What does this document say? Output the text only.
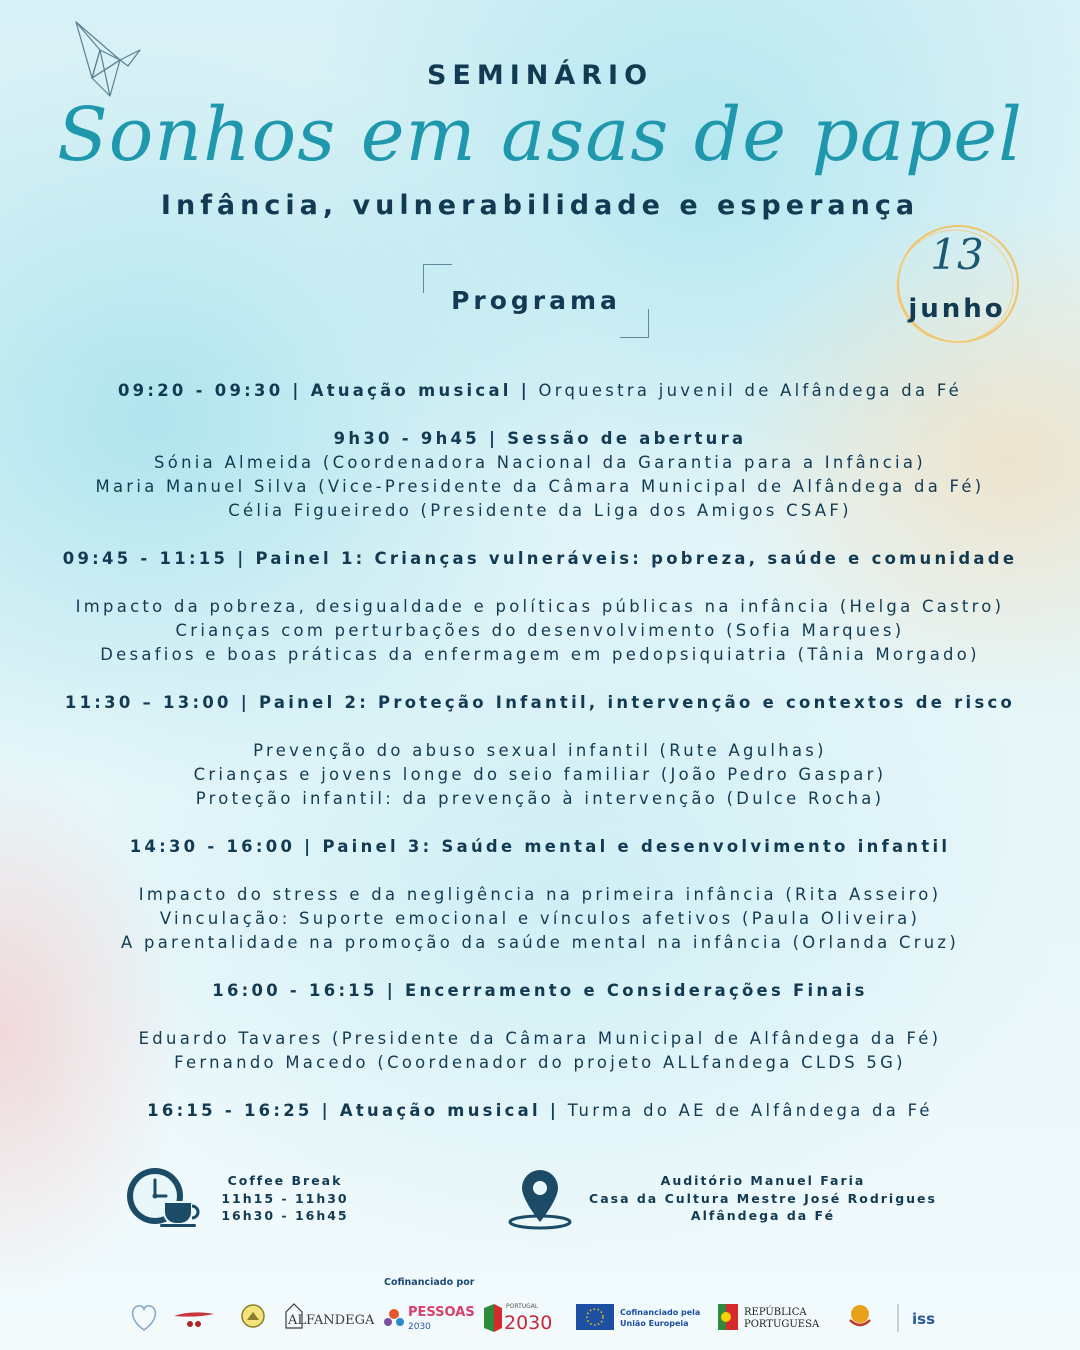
SEMINÁRIO
Sonhos em asas de papel
Infância, vulnerabilidade e esperança
Programa
13
junho
09:20 - 09:30 | Atuação musical | Orquestra juvenil de Alfândega da Fé
9h30 - 9h45 | Sessão de abertura
Sónia Almeida (Coordenadora Nacional da Garantia para a Infância)
Maria Manuel Silva (Vice-Presidente da Câmara Municipal de Alfândega da Fé)
Célia Figueiredo (Presidente da Liga dos Amigos CSAF)
09:45 - 11:15 | Painel 1: Crianças vulneráveis: pobreza, saúde e comunidade
Impacto da pobreza, desigualdade e políticas públicas na infância (Helga Castro)
Crianças com perturbações do desenvolvimento (Sofia Marques)
Desafios e boas práticas da enfermagem em pedopsiquiatria (Tânia Morgado)
11:30 – 13:00 | Painel 2: Proteção Infantil, intervenção e contextos de risco
Prevenção do abuso sexual infantil (Rute Agulhas)
Crianças e jovens longe do seio familiar (João Pedro Gaspar)
Proteção infantil: da prevenção à intervenção (Dulce Rocha)
14:30 - 16:00 | Painel 3: Saúde mental e desenvolvimento infantil
Impacto do stress e da negligência na primeira infância (Rita Asseiro)
Vinculação: Suporte emocional e vínculos afetivos (Paula Oliveira)
A parentalidade na promoção da saúde mental na infância (Orlanda Cruz)
16:00 - 16:15 | Encerramento e Considerações Finais
Eduardo Tavares (Presidente da Câmara Municipal de Alfândega da Fé)
Fernando Macedo (Coordenador do projeto ALLfandega CLDS 5G)
16:15 - 16:25 | Atuação musical | Turma do AE de Alfândega da Fé
Coffee Break
11h15 - 11h30
16h30 - 16h45
Auditório Manuel Faria
Casa da Cultura Mestre José Rodrigues
Alfândega da Fé
Cofinanciado por
ALFANDEGA
PESSOAS
2030
PORTUGAL
2030	Cofinanciado pela
União Europeia
REPÚBLICA
PORTUGUESA	iss
